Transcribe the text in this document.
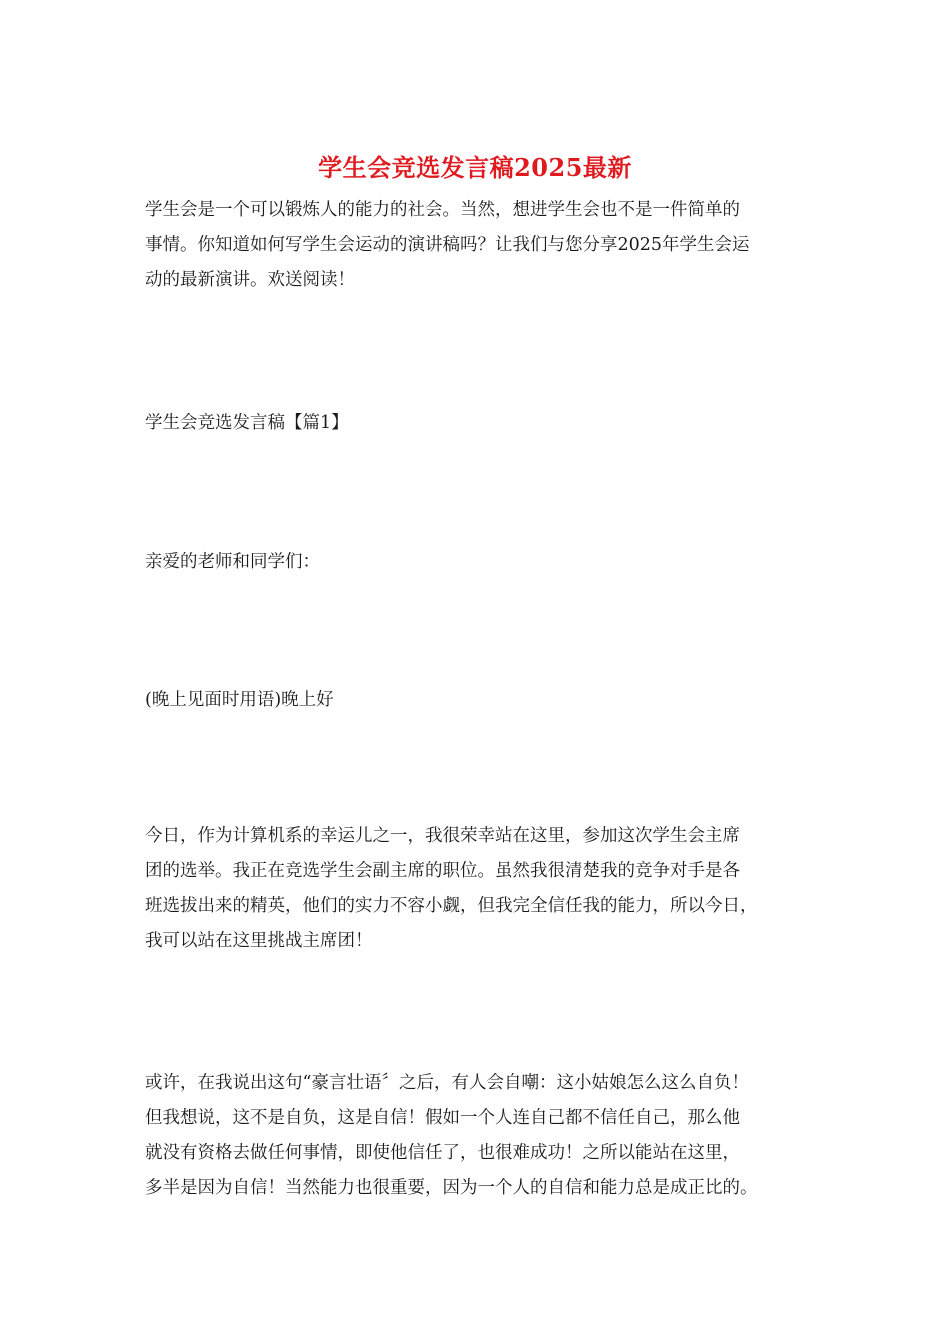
学生会竞选发言稿2025最新
学生会是一个可以锻炼人的能力的社会。当然，想进学生会也不是一件简单的
事情。你知道如何写学生会运动的演讲稿吗？让我们与您分享2025年学生会运
动的最新演讲。欢送阅读！
学生会竞选发言稿【篇1】
亲爱的老师和同学们：
(晚上见面时用语)晚上好
今日，作为计算机系的幸运儿之一，我很荣幸站在这里，参加这次学生会主席
团的选举。我正在竞选学生会副主席的职位。虽然我很清楚我的竞争对手是各
班选拔出来的精英，他们的实力不容小觑，但我完全信任我的能力，所以今日，
我可以站在这里挑战主席团！
或许，在我说出这句“豪言壮语〞之后，有人会自嘲：这小姑娘怎么这么自负！
但我想说，这不是自负，这是自信！假如一个人连自己都不信任自己，那么他
就没有资格去做任何事情，即使他信任了，也很难成功！之所以能站在这里，
多半是因为自信！当然能力也很重要，因为一个人的自信和能力总是成正比的。
